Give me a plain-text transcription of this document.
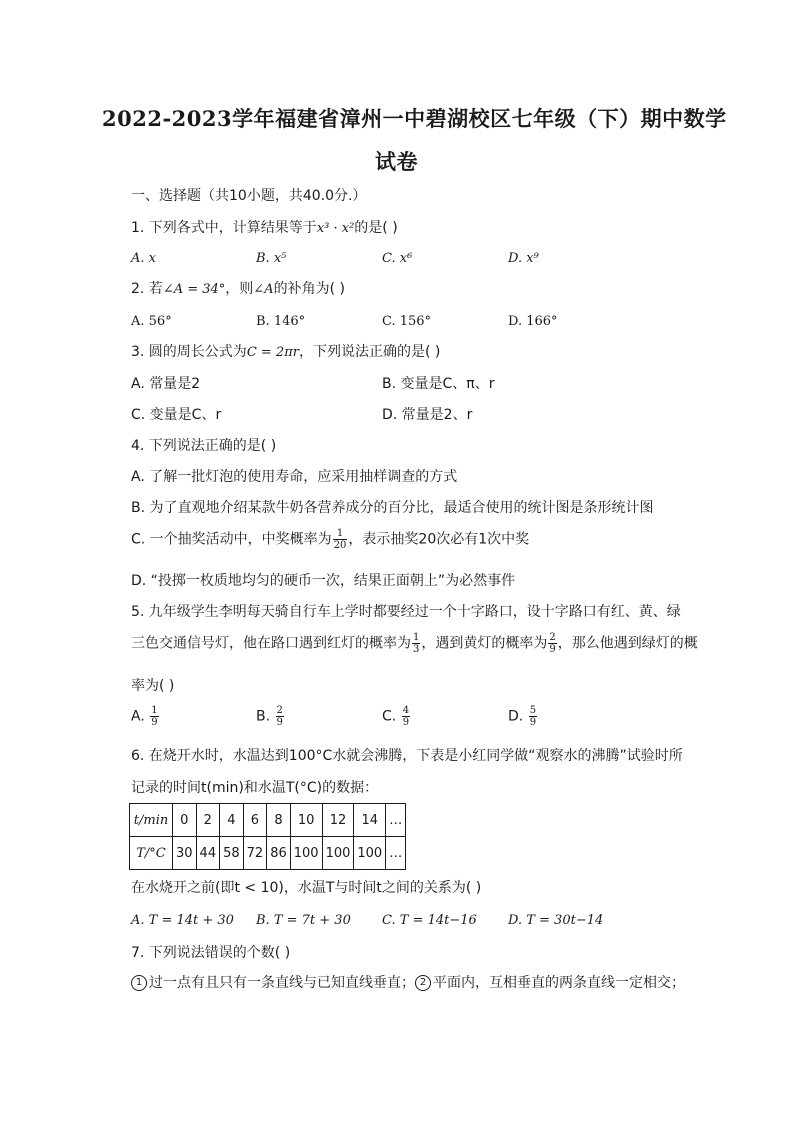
2022-2023学年福建省漳州一中碧湖校区七年级（下）期中数学
试卷
一、选择题（共10小题，共40.0分.）
1. 下列各式中，计算结果等于x³ · x²的是( )
A. x	B. x⁵	C. x⁶	D. x⁹
2. 若∠A = 34°，则∠A的补角为( )
A. 56°	B. 146°	C. 156°	D. 166°
3. 圆的周长公式为C = 2πr，下列说法正确的是( )
A. 常量是2	B. 变量是C、π、r
C. 变量是C、r	D. 常量是2、r
4. 下列说法正确的是( )
A. 了解一批灯泡的使用寿命，应采用抽样调查的方式
B. 为了直观地介绍某款牛奶各营养成分的百分比，最适合使用的统计图是条形统计图
C. 一个抽奖活动中，中奖概率为 $\frac{1}{20}$ ，表示抽奖20次必有1次中奖
D. “投掷一枚质地均匀的硬币一次，结果正面朝上”为必然事件
5. 九年级学生李明每天骑自行车上学时都要经过一个十字路口，设十字路口有红、黄、绿
三色交通信号灯，他在路口遇到红灯的概率为 $\frac{1}{3}$ ，遇到黄灯的概率为 $\frac{2}{9}$ ，那么他遇到绿灯的概
率为( )
A. $\frac{1}{9}$	B. $\frac{2}{9}$	C. $\frac{4}{9}$	D. $\frac{5}{9}$
6. 在烧开水时，水温达到100°C水就会沸腾，下表是小红同学做“观察水的沸腾”试验时所
记录的时间t(min)和水温T(°C)的数据：
t/min	0	2	4	6	8	10	12	14	…
T/°C	30	44	58	72	86	100	100	100	…
在水烧开之前(即t < 10)，水温T与时间t之间的关系为( )
A. T = 14t + 30 B. T = 7t + 30 C. T = 14t−16 D. T = 30t−14
7. 下列说法错误的个数( )
1 过一点有且只有一条直线与已知直线垂直； 2 平面内，互相垂直的两条直线一定相交；
